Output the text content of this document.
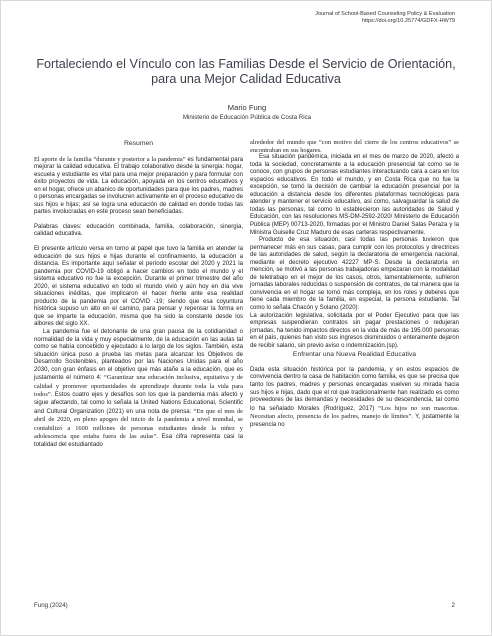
Journal of School-Based Counseling Policy & Evaluation
https://doi.org/10.25774/GDFX-HW79
Fortaleciendo el Vínculo con las Familias Desde el Servicio de Orientación,
para una Mejor Calidad Educativa
Mario Fung
Ministerio de Educación Pública de Costa Rica
Resumen

El aporte de la familia “durante y posterior a la pandemia” es fundamental para mejorar la calidad educativa. El trabajo colaborativo desde la sinergia: hogar, escuela y estudiante es vital para una mejor preparación y para formular con éxito proyectos de vida. La educación, apoyada en los centros educativos y en el hogar, ofrece un abanico de oportunidades para que los padres, madres o personas encargadas se involucren activamente en el proceso educativo de sus hijos e hijas; así se logra una educación de calidad en donde todas las partes involucradas en este proceso sean beneficiadas.

Palabras claves: educación combinada, familia, colaboración, sinergia, calidad educativa.

El presente artículo versa en torno al papel que tuvo la familia en atender la educación de sus hijos e hijas durante el confinamiento, la educación a distancia. Es importante aquí señalar el período escolar del 2020 y 2021 la pandemia por COVID-19 obligó a hacer cambios en todo el mundo y el sistema educativo no fue la excepción. Durante el primer trimestre del año 2020, el sistema educativo en todo el mundo vivió y aún hoy en día vive situaciones inéditas, que implicaron el hacer frente ante esa realidad producto de la pandemia por el COVID -19; siendo que esa coyuntura histórica supuso un alto en el camino, para pensar y repensar la forma en que se imparte la educación, misma que ha sido la constante desde los albores del siglo XX.

La pandemia fue el detonante de una gran pausa de la cotidianidad o normalidad de la vida y muy especialmente, de la educación en las aulas tal como se había concebido y ejecutado a lo largo de los siglos. También, esta situación única puso a prueba las metas para alcanzar los Objetivos de Desarrollo Sostenibles, planteados por las Naciones Unidas para el año 2030, con gran énfasis en el objetivo que más atañe a la educación, que es justamente el número 4: “Garantizar una educación inclusiva, equitativa y de calidad y promover oportunidades de aprendizaje durante toda la vida para todos”. Estos cuatro ejes y desafíos son los que la pandemia más afectó y sigue afectando, tal como lo señala la United Nations Educational, Scientific and Cultural Organization (2021) en una nota de prensa: “En que el mes de abril de 2020, en pleno apogeo del inicio de la pandemia a nivel mundial, se contabilizó a 1600 millones de personas estudiantes desde la niñez y adolescencia que estaba fuera de las aulas”. Esa cifra representa casi la totalidad del estudiantado

alrededor del mundo que “con motivo del cierre de los centros educativos” se encontraban en sus hogares.

Esa situación pandémica, iniciada en el mes de marzo de 2020, afectó a toda la sociedad, concretamente a la educación presencial tal como se le conoce, con grupos de personas estudiantes interactuando cara a cara en los espacios educativos. En todo el mundo, y en Costa Rica que no fue la excepción, se tomó la decisión de cambiar la educación presencial por la educación a distancia desde los diferentes plataformas tecnológicas para atender y mantener el servicio educativo, así como, salvaguardar la salud de todas las personas, tal como lo establecieron las autoridades de Salud y Educación, con las resoluciones MS-DM-2592-2020/ Ministerio de Educación Pública (MEP) 00713-2020, firmadas por el Ministro Daniel Salas Peraza y la Ministra Guiselle Cruz Maduro de esas carteras respectivamente.

Producto de esa situación, casi todas las personas tuvieron que permanecer más en sus casas, para cumplir con los protocolos y directrices de las autoridades de salud, según la declaratoria de emergencia nacional, mediante el decreto ejecutivo 42227 MP-S. Desde la declaratoria en mención, se motivó a las personas trabajadoras empezaran con la modalidad de teletrabajo en el mejor de los casos, otros, lamentablemente, sufrieron jornadas laborales reducidas o suspensión de contratos, de tal manera que la convivencia en el hogar se tornó más compleja, en los roles y deberes que tiene cada miembro de la familia, en especial, la persona estudiante. Tal como lo señala Chacón y Solano (2020):

La autorización legislativa, solicitada por el Poder Ejecutivo para que las empresas suspendieran contratos sin pagar prestaciones o redujeran jornadas, ha tenido impactos directos en la vida de más de 195.000 personas en el país, quienes han visto sus ingresos disminuidos o enteramente dejaron de recibir salario, sin previo aviso o indemnización.(sp).

Enfrentar una Nueva Realidad Educativa

Dada esta situación histórica por la pandemia, y en estos espacios de convivencia dentro la casa de habitación como familia, es que se precisa que tanto los padres, madres y personas encargadas vuelven su mirada hacia sus hijos e hijas, dado que el rol que tradicionalmente han realizado es como proveedores de las demandas y necesidades de su descendencia, tal como lo ha señalado Morales (Rodríguez, 2017) “Los hijos no son mascotas. Necesitan afecto, presencia de los padres, manejo de límites”. Y, justamente la presencia no

Fung (2024)	2
